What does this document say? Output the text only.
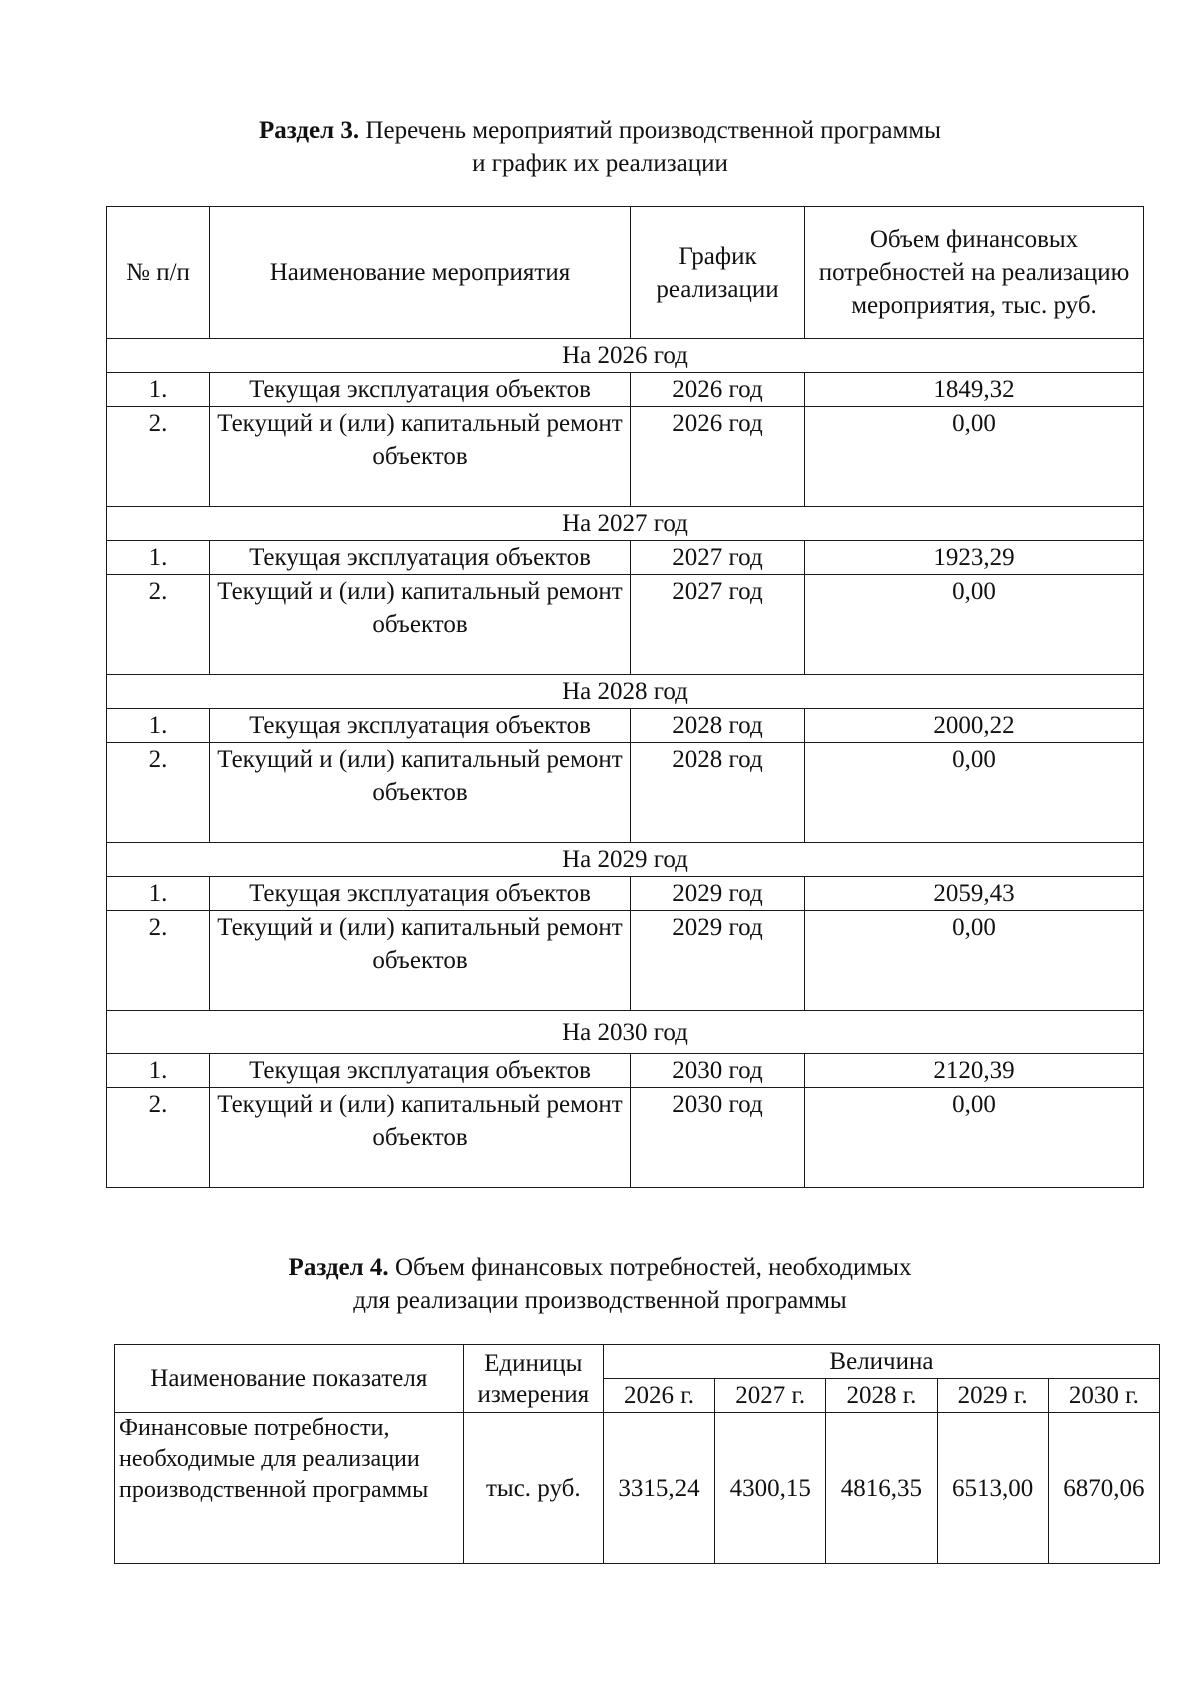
Раздел 3. Перечень мероприятий производственной программы
и график их реализации
№ п/п	Наименование мероприятия	График реализации	Объем финансовых потребностей на реализацию мероприятия, тыс. руб.
На 2026 год			
1.	Текущая эксплуатация объектов	2026 год	1849,32
2.	Текущий и (или) капитальный ремонт объектов	2026 год	0,00
На 2027 год			
1.	Текущая эксплуатация объектов	2027 год	1923,29
2.	Текущий и (или) капитальный ремонт объектов	2027 год	0,00
На 2028 год			
1.	Текущая эксплуатация объектов	2028 год	2000,22
2.	Текущий и (или) капитальный ремонт объектов	2028 год	0,00
На 2029 год			
1.	Текущая эксплуатация объектов	2029 год	2059,43
2.	Текущий и (или) капитальный ремонт объектов	2029 год	0,00
На 2030 год			
1.	Текущая эксплуатация объектов	2030 год	2120,39
2.	Текущий и (или) капитальный ремонт объектов	2030 год	0,00
Раздел 4. Объем финансовых потребностей, необходимых
для реализации производственной программы
Наименование показателя	Единицы измерения	Величина				
		2026 г.	2027 г.	2028 г.	2029 г.	2030 г.
Финансовые потребности, необходимые для реализации производственной программы	тыс. руб.	3315,24	4300,15	4816,35	6513,00	6870,06
